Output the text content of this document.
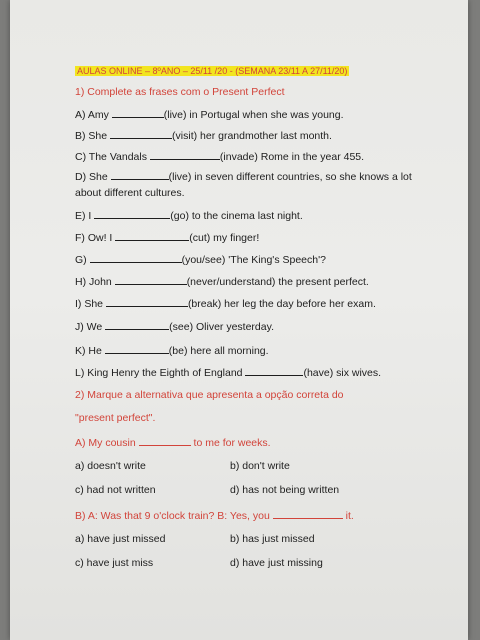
AULAS ONLINE – 8ºANO – 25/11 /20 - (SEMANA 23/11 A 27/11/20)
1) Complete as frases com o Present Perfect
A) Amy	(live) in Portugal when she was young.
B) She	(visit) her grandmother last month.
C) The Vandals	(invade) Rome in the year 455.
D) She	(live) in seven different countries, so she knows a lot
about different cultures.
E) I	(go) to the cinema last night.
F) Ow! I	(cut) my finger!
G)	(you/see) 'The King's Speech'?
H) John	(never/understand) the present perfect.
I) She	(break) her leg the day before her exam.
J) We	(see) Oliver yesterday.
K) He	(be) here all morning.
L) King Henry the Eighth of England	(have) six wives.
2) Marque a alternativa que apresenta a opção correta do
"present perfect".
A) My cousin	to me for weeks.
a) doesn't write	b) don't write
c) had not written	d) has not being written
B) A: Was that 9 o'clock train? B: Yes, you	it.
a) have just missed	b) has just missed
c) have just miss	d) have just missing
